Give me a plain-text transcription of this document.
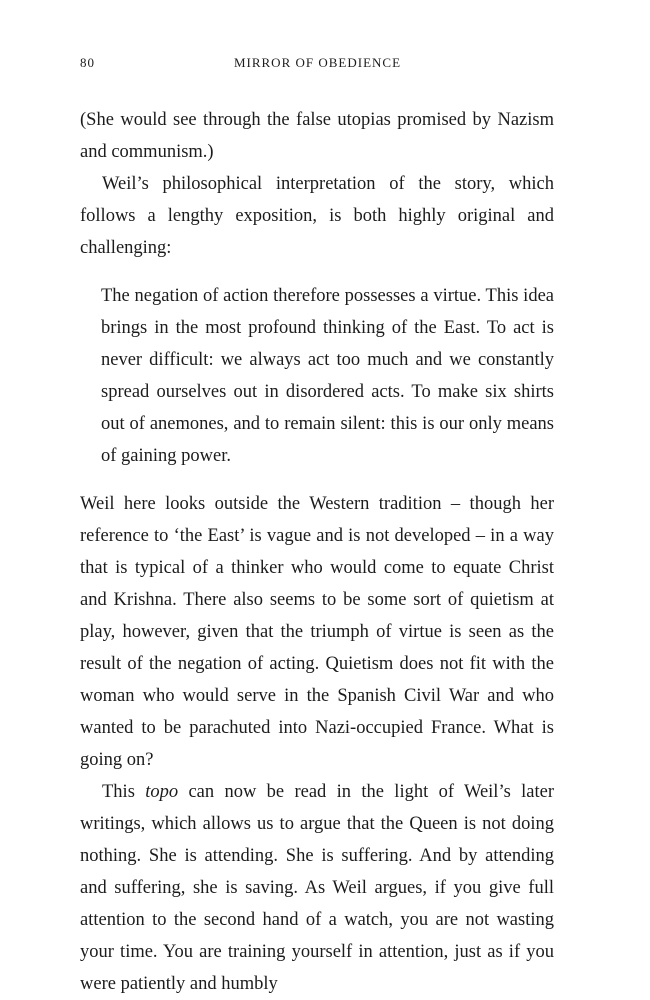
80	MIRROR OF OBEDIENCE

(She would see through the false utopias promised by Nazism and communism.)

Weil’s philosophical interpretation of the story, which follows a lengthy exposition, is both highly original and challenging:

The negation of action therefore possesses a virtue. This idea brings in the most profound thinking of the East. To act is never difficult: we always act too much and we constantly spread ourselves out in disordered acts. To make six shirts out of anemones, and to remain silent: this is our only means of gaining power.

Weil here looks outside the Western tradition – though her reference to ‘the East’ is vague and is not developed – in a way that is typical of a thinker who would come to equate Christ and Krishna. There also seems to be some sort of quietism at play, however, given that the triumph of virtue is seen as the result of the negation of acting. Quietism does not fit with the woman who would serve in the Spanish Civil War and who wanted to be parachuted into Nazi-occupied France. What is going on?

This topo can now be read in the light of Weil’s later writings, which allows us to argue that the Queen is not doing nothing. She is attending. She is suffering. And by attending and suffering, she is saving. As Weil argues, if you give full attention to the second hand of a watch, you are not wasting your time. You are training yourself in attention, just as if you were patiently and humbly
